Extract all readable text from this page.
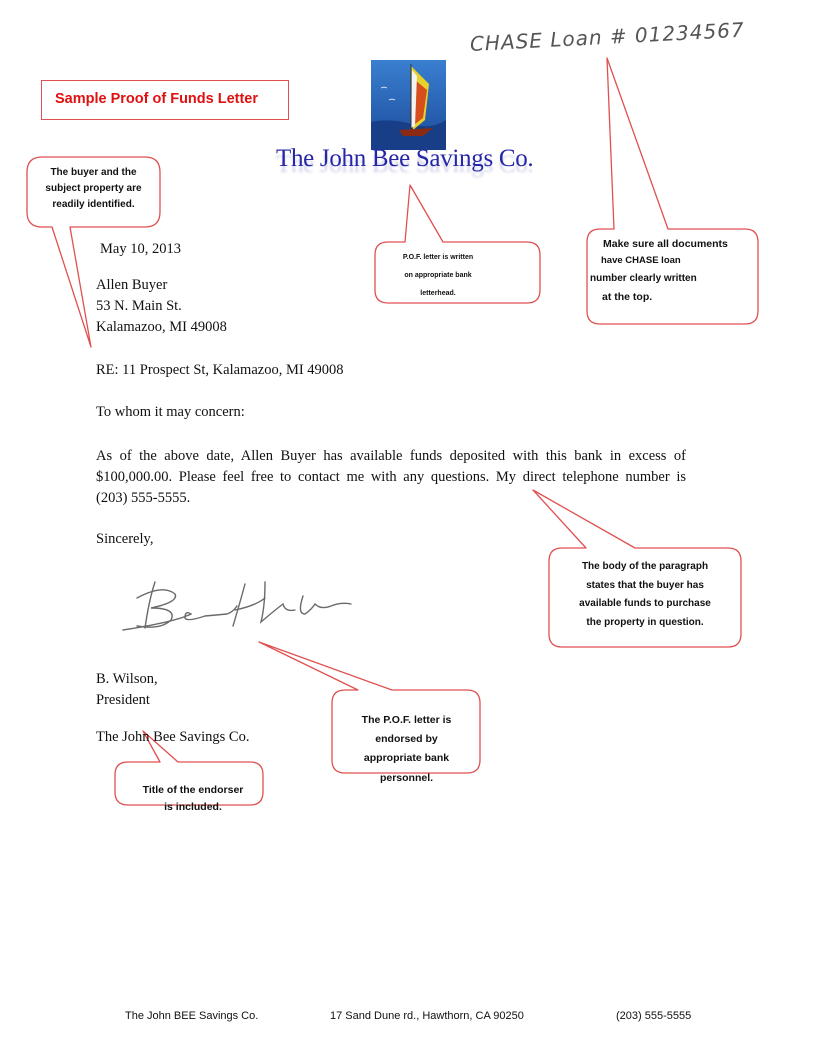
Sample Proof of Funds Letter
CHASE Loan # 01234567
The John Bee Savings Co.
The buyer and the
subject property are
readily identified.
P.O.F. letter is written
on appropriate bank
letterhead.
Make sure all documents
have CHASE loan
number clearly written
at the top.
The body of the paragraph
states that the buyer has
available funds to purchase
the property in question.
The P.O.F. letter is
endorsed by
appropriate bank
personnel.
Title of the endorser
is included.
May 10, 2013
Allen Buyer
53 N. Main St.
Kalamazoo, MI 49008
RE: 11 Prospect St, Kalamazoo, MI 49008
To whom it may concern:
As of the above date, Allen Buyer has available funds deposited with this bank in excess of
$100,000.00. Please feel free to contact me with any questions. My direct telephone number is
(203) 555-5555.
Sincerely,
B. Wilson,
President
The John Bee Savings Co.
The John BEE Savings Co.	17 Sand Dune rd., Hawthorn, CA 90250	(203) 555-5555
